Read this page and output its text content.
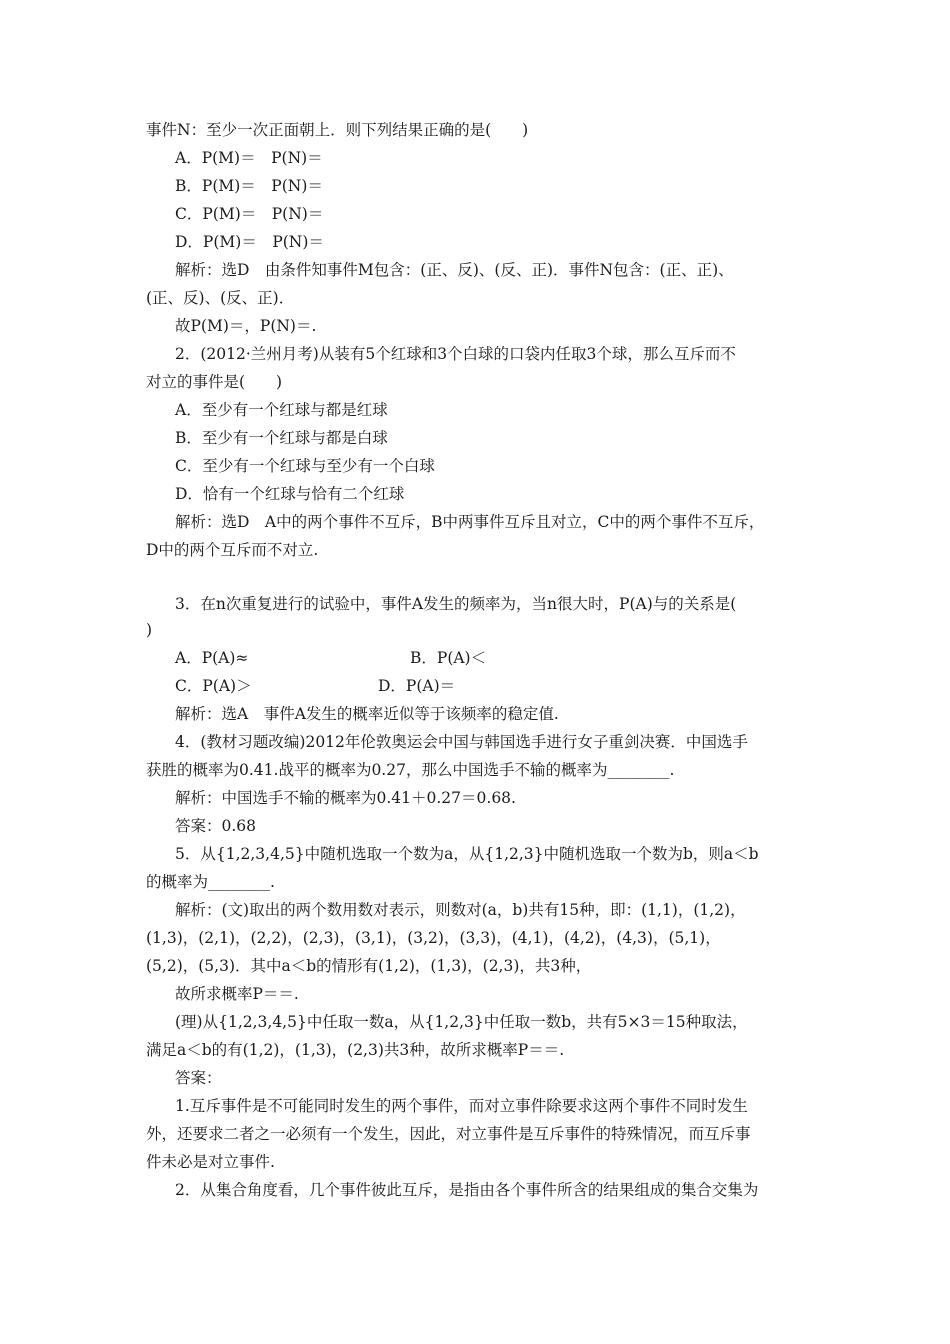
事件N：至少一次正面朝上．则下列结果正确的是(　　)
A．P(M)＝　P(N)＝
B．P(M)＝　P(N)＝
C．P(M)＝　P(N)＝
D．P(M)＝　P(N)＝
解析：选D　由条件知事件M包含：(正、反)、(反、正)．事件N包含：(正、正)、
(正、反)、(反、正)．
故P(M)＝，P(N)＝.
2．(2012·兰州月考)从装有5个红球和3个白球的口袋内任取3个球，那么互斥而不
对立的事件是(　　)
A．至少有一个红球与都是红球
B．至少有一个红球与都是白球
C．至少有一个红球与至少有一个白球
D．恰有一个红球与恰有二个红球
解析：选D　A中的两个事件不互斥，B中两事件互斥且对立，C中的两个事件不互斥，
D中的两个互斥而不对立.
3．在n次重复进行的试验中，事件A发生的频率为，当n很大时，P(A)与的关系是(
)
A．P(A)≈	B．P(A)＜
C．P(A)＞	D．P(A)＝
解析：选A　事件A发生的概率近似等于该频率的稳定值.
4．(教材习题改编)2012年伦敦奥运会中国与韩国选手进行女子重剑决赛．中国选手
获胜的概率为0.41.战平的概率为0.27，那么中国选手不输的概率为________.
解析：中国选手不输的概率为0.41＋0.27＝0.68.
答案：0.68
5．从{1,2,3,4,5}中随机选取一个数为a，从{1,2,3}中随机选取一个数为b，则a＜b
的概率为________.
解析：(文)取出的两个数用数对表示，则数对(a，b)共有15种，即：(1,1)，(1,2)，
(1,3)，(2,1)，(2,2)，(2,3)，(3,1)，(3,2)，(3,3)，(4,1)，(4,2)，(4,3)，(5,1)，
(5,2)，(5,3)．其中a＜b的情形有(1,2)，(1,3)，(2,3)，共3种，
故所求概率P＝＝.
(理)从{1,2,3,4,5}中任取一数a，从{1,2,3}中任取一数b，共有5×3＝15种取法，
满足a＜b的有(1,2)，(1,3)，(2,3)共3种，故所求概率P＝＝.
答案：
1.互斥事件是不可能同时发生的两个事件，而对立事件除要求这两个事件不同时发生
外，还要求二者之一必须有一个发生，因此，对立事件是互斥事件的特殊情况，而互斥事
件未必是对立事件.
2．从集合角度看，几个事件彼此互斥，是指由各个事件所含的结果组成的集合交集为
